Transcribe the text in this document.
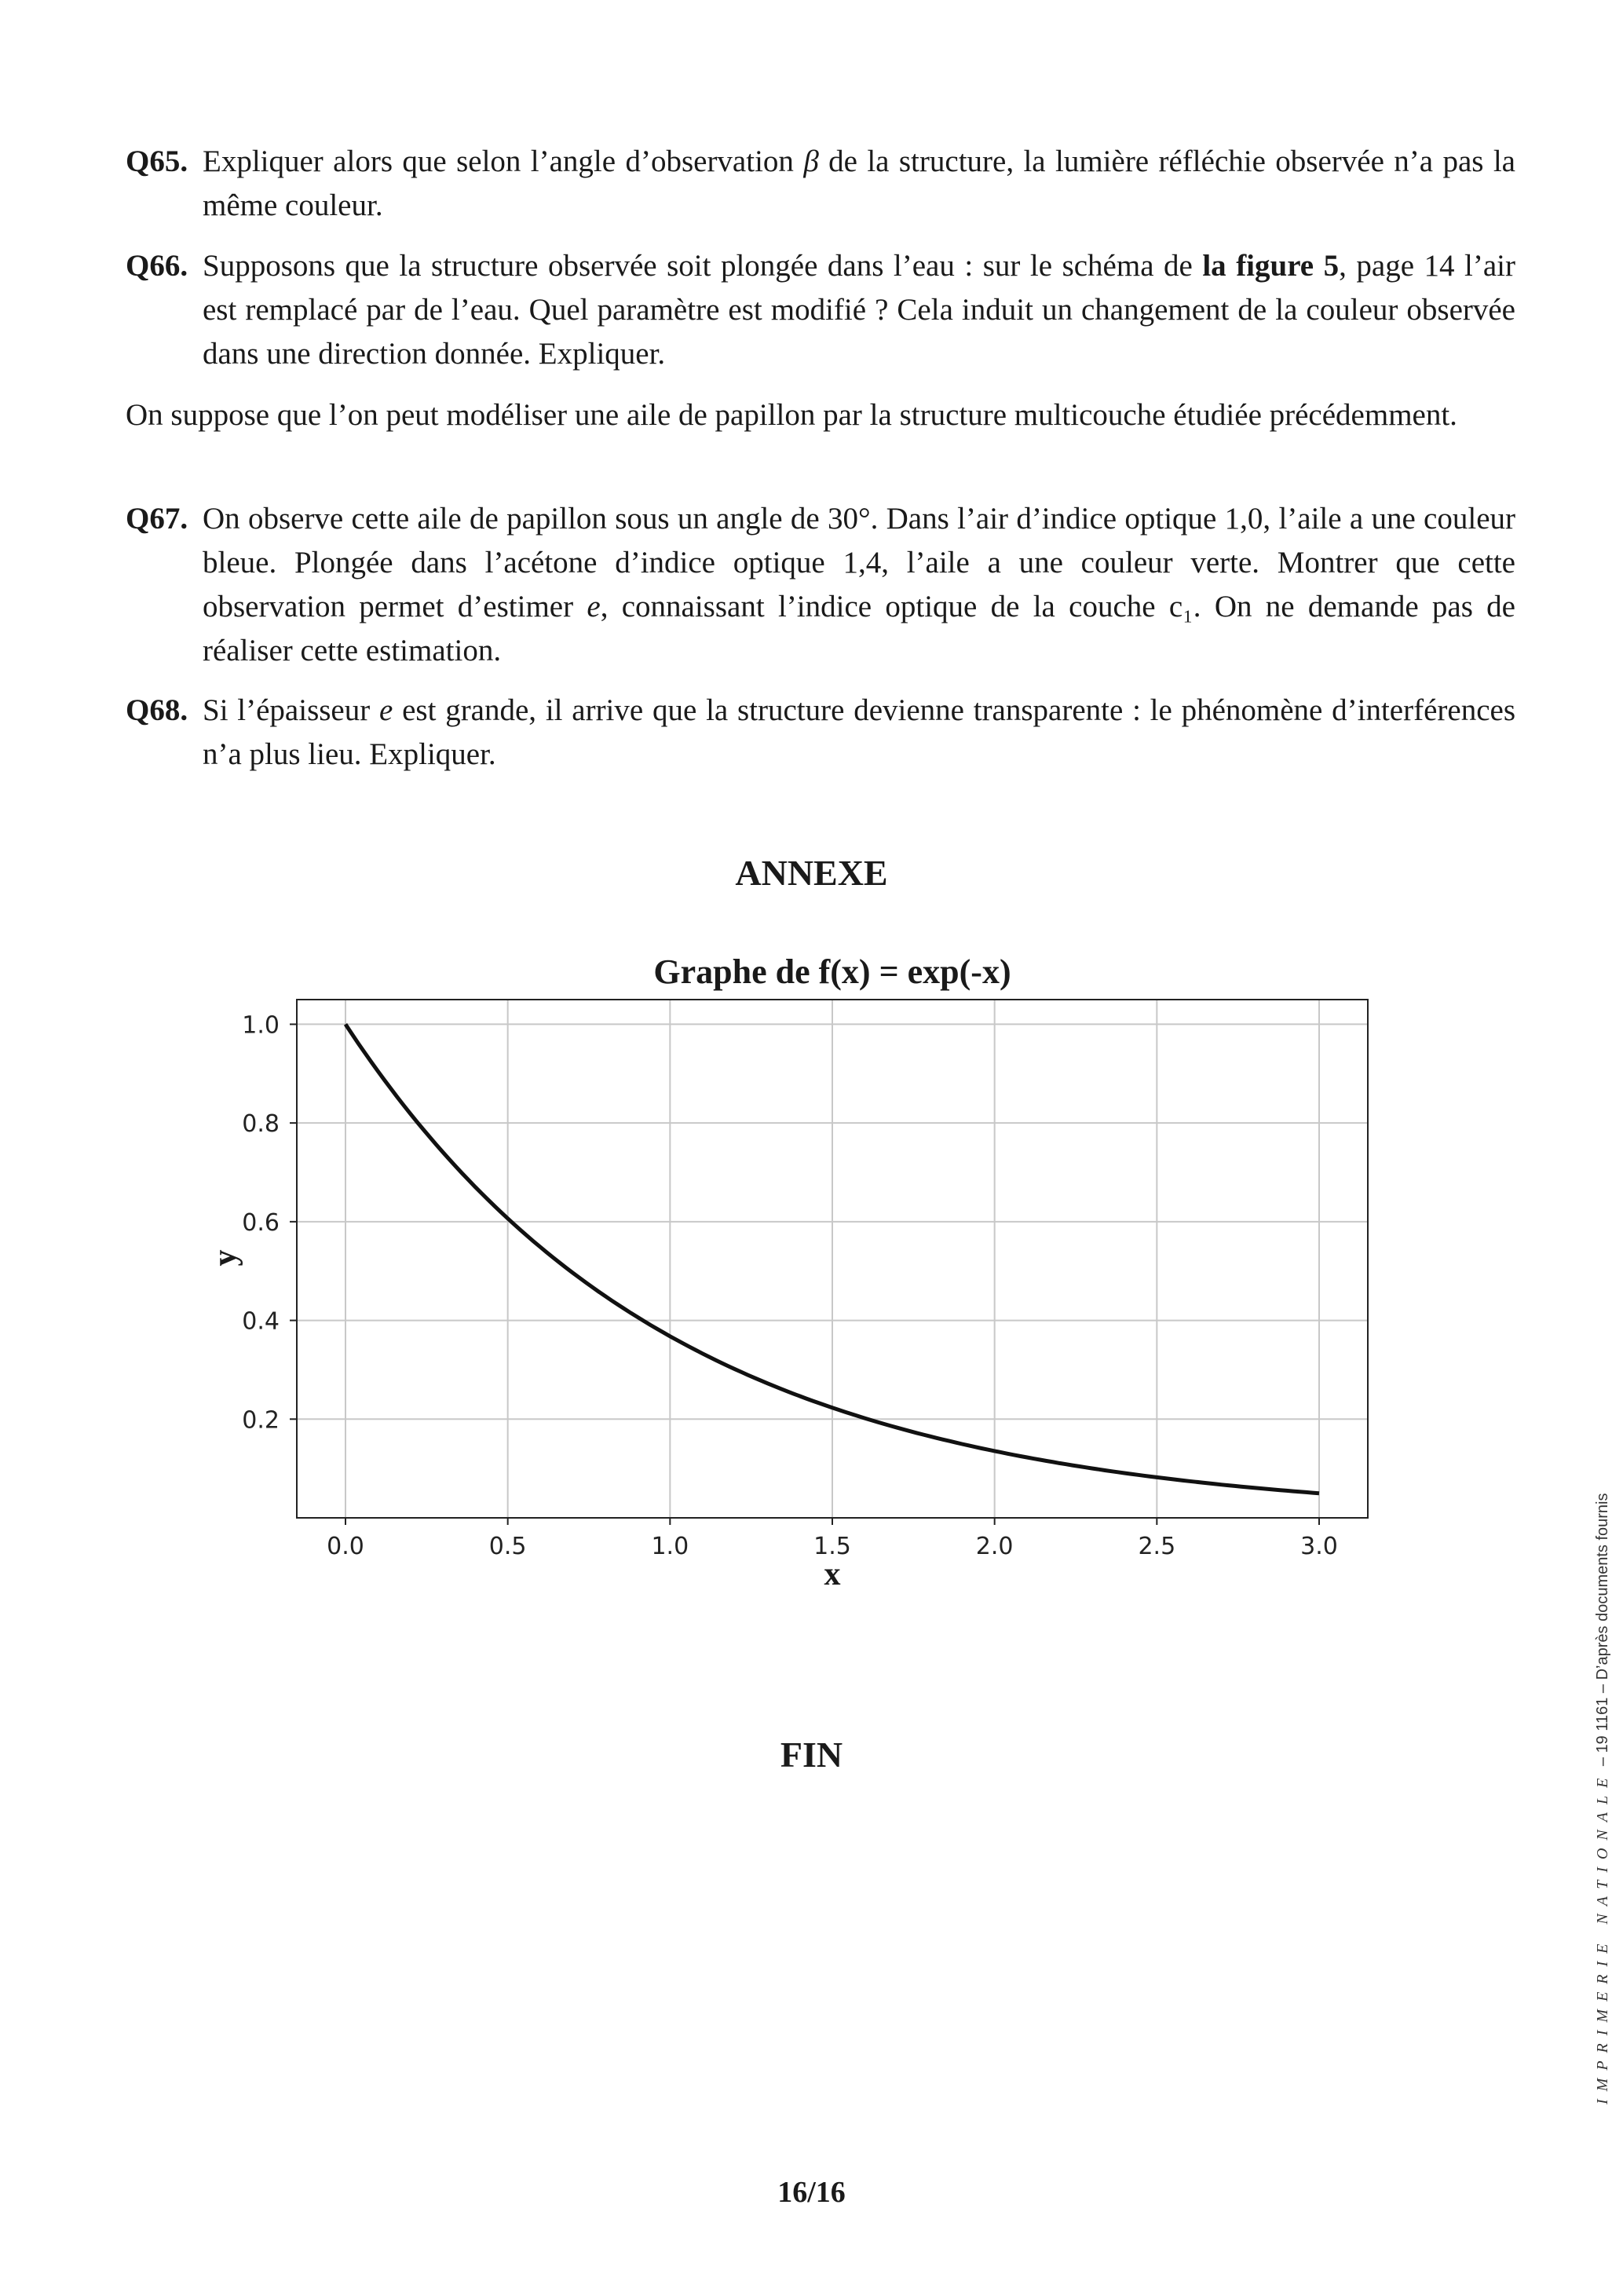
Q65. Expliquer alors que selon l’angle d’observation β de la structure, la lumière réfléchie observée n’a pas la même couleur.
Q66. Supposons que la structure observée soit plongée dans l’eau : sur le schéma de la figure 5, page 14 l’air est remplacé par de l’eau. Quel paramètre est modifié ? Cela induit un changement de la couleur observée dans une direction donnée. Expliquer.
On suppose que l’on peut modéliser une aile de papillon par la structure multicouche étudiée précédemment.
Q67. On observe cette aile de papillon sous un angle de 30°. Dans l’air d’indice optique 1,0, l’aile a une couleur bleue. Plongée dans l’acétone d’indice optique 1,4, l’aile a une couleur verte. Montrer que cette observation permet d’estimer e, connaissant l’indice optique de la couche c₁. On ne demande pas de réaliser cette estimation.
Q68. Si l’épaisseur e est grande, il arrive que la structure devienne transparente : le phénomène d’interférences n’a plus lieu. Expliquer.
ANNEXE
0.0	0.5	1.0	1.5	2.0	2.5	3.0
0.2
0.4
0.6
0.8
1.0
Graphe de f(x) = exp(-x)
x
y
FIN
16/16
IMPRIMERIE NATIONALE – 19 1161 – D’après documents fournis
